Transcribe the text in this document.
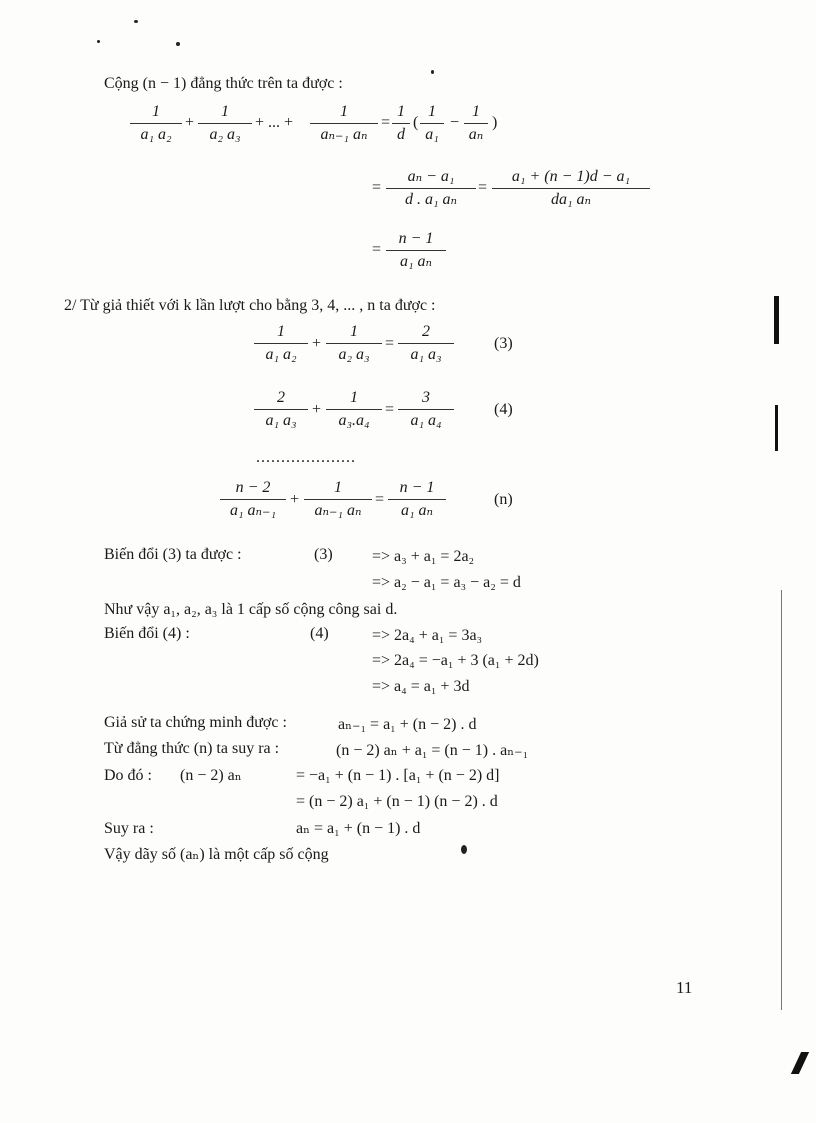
Cộng (n − 1) đẳng thức trên ta được :
1
a₁ a₂
+
1
a₂ a₃
+ ... +
1
aₙ₋₁ aₙ
=
1
d
(
1
a₁
−
1
aₙ
)
=
aₙ − a₁
d . a₁ aₙ
=
a₁ + (n − 1)d − a₁
da₁ aₙ
=
n − 1
a₁ aₙ
2/ Từ giả thiết với k lần lượt cho bằng 3, 4, ... , n ta được :
1
a₁ a₂
+
1
a₂ a₃
=
2
a₁ a₃
(3)
2
a₁ a₃
+
1
a₃.a₄
=
3
a₁ a₄
(4)
....................
n − 2
a₁ aₙ₋₁
+
1
aₙ₋₁ aₙ
=
n − 1
a₁ aₙ
(n)
Biến đổi (3) ta được :	(3) => a₃ + a₁ = 2a₂
=> a₂ − a₁ = a₃ − a₂ = d
Như vậy a₁, a₂, a₃ là 1 cấp số cộng công sai d.
Biến đổi (4) :	(4)	=> 2a₄ + a₁ = 3a₃
=> 2a₄ = −a₁ + 3 (a₁ + 2d)
=> a₄ = a₁ + 3d
Giả sử ta chứng minh được :	aₙ₋₁ = a₁ + (n − 2) . d
Từ đẳng thức (n) ta suy ra :	(n − 2) aₙ + a₁ = (n − 1) . aₙ₋₁
Do đó : (n − 2) aₙ	= −a₁ + (n − 1) . [a₁ + (n − 2) d]
= (n − 2) a₁ + (n − 1) (n − 2) . d
Suy ra :	aₙ = a₁ + (n − 1) . d
Vậy dãy số (aₙ) là một cấp số cộng
11
